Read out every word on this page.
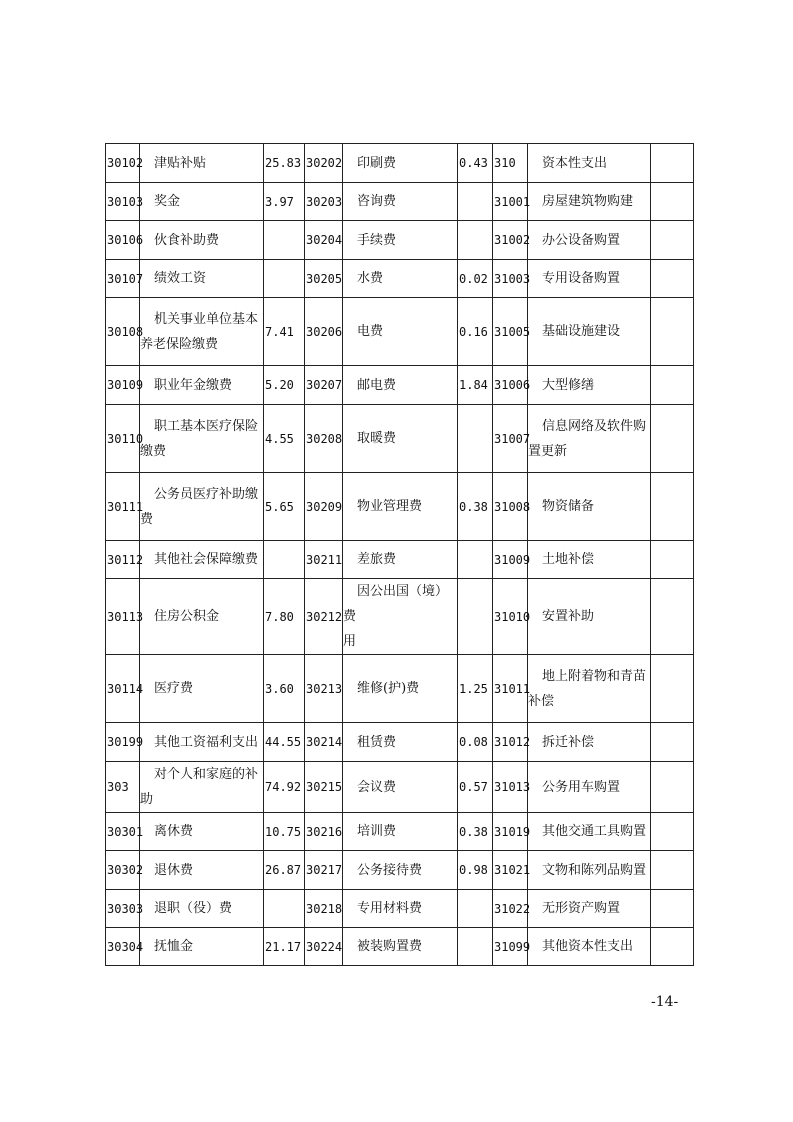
30102	津贴补贴	25.83	30202	印刷费	0.43	310	资本性支出	

30103	奖金	3.97	30203	咨询费		31001	房屋建筑物购建	

30106	伙食补助费		30204	手续费		31002	办公设备购置	

30107	绩效工资		30205	水费	0.02	31003	专用设备购置	

30108	机关事业单位基本
养老保险缴费	7.41	30206	电费	0.16	31005	基础设施建设	

30109	职业年金缴费	5.20	30207	邮电费	1.84	31006	大型修缮	

30110	职工基本医疗保险
缴费	4.55	30208	取暖费		31007	信息网络及软件购
置更新	

30111	公务员医疗补助缴
费	5.65	30209	物业管理费	0.38	31008	物资储备	

30112	其他社会保障缴费		30211	差旅费		31009	土地补偿	

30113	住房公积金	7.80	30212	因公出国（境）费
用		31010	安置补助	

30114	医疗费	3.60	30213	维修(护)费	1.25	31011	地上附着物和青苗
补偿	

30199	其他工资福利支出	44.55	30214	租赁费	0.08	31012	拆迁补偿	

303	对个人和家庭的补助	74.92	30215	会议费	0.57	31013	公务用车购置	

30301	离休费	10.75	30216	培训费	0.38	31019	其他交通工具购置	

30302	退休费	26.87	30217	公务接待费	0.98	31021	文物和陈列品购置	

30303	退职（役）费		30218	专用材料费		31022	无形资产购置	

30304	抚恤金	21.17	30224	被装购置费		31099	其他资本性支出	

-14-
